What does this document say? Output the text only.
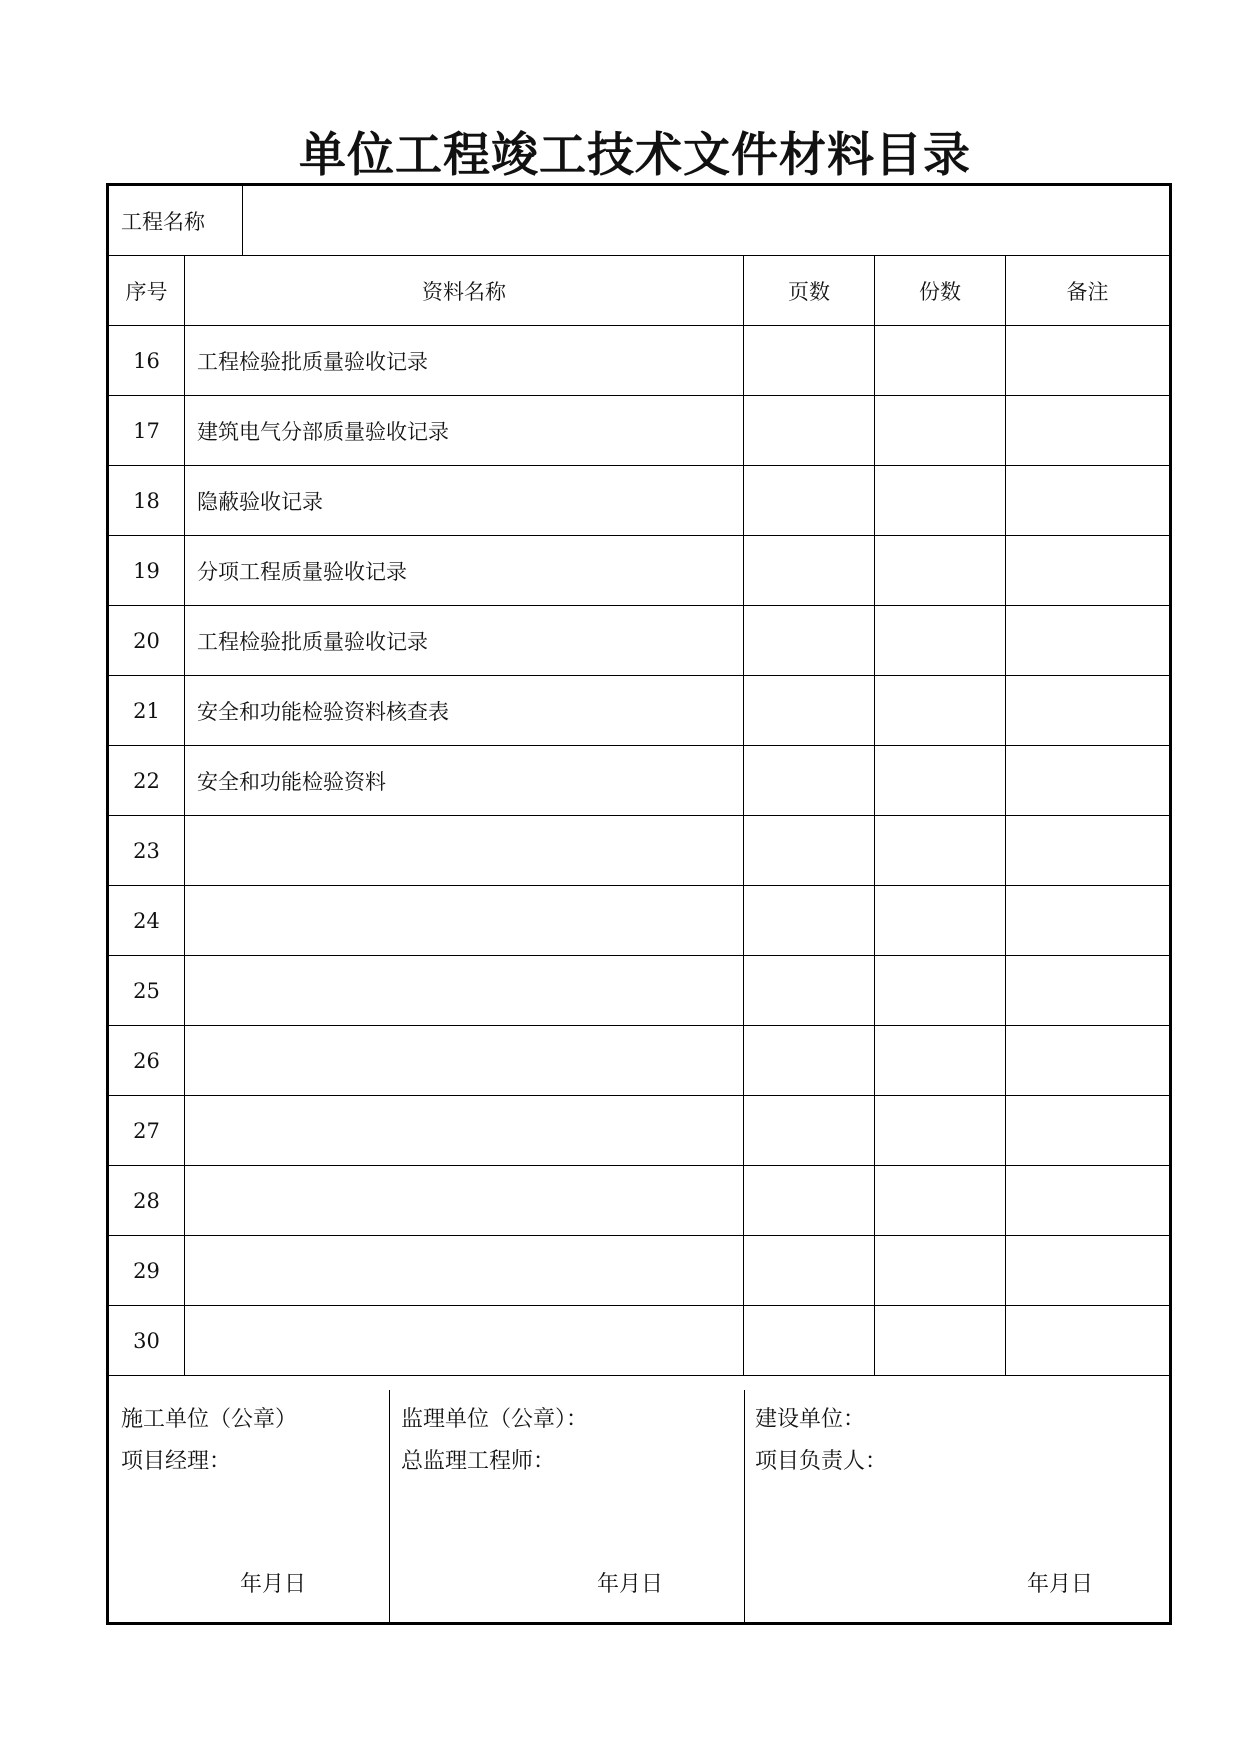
单位工程竣工技术文件材料目录
工程名称
序号	资料名称	页数	份数	备注
16	工程检验批质量验收记录
17	建筑电气分部质量验收记录
18	隐蔽验收记录
19	分项工程质量验收记录
20	工程检验批质量验收记录
21	安全和功能检验资料核查表
22	安全和功能检验资料
23
24
25
26
27
28
29
30
施工单位（公章）
项目经理：
年月日
监理单位（公章）：
总监理工程师：
年月日
建设单位：
项目负责人：
年月日
